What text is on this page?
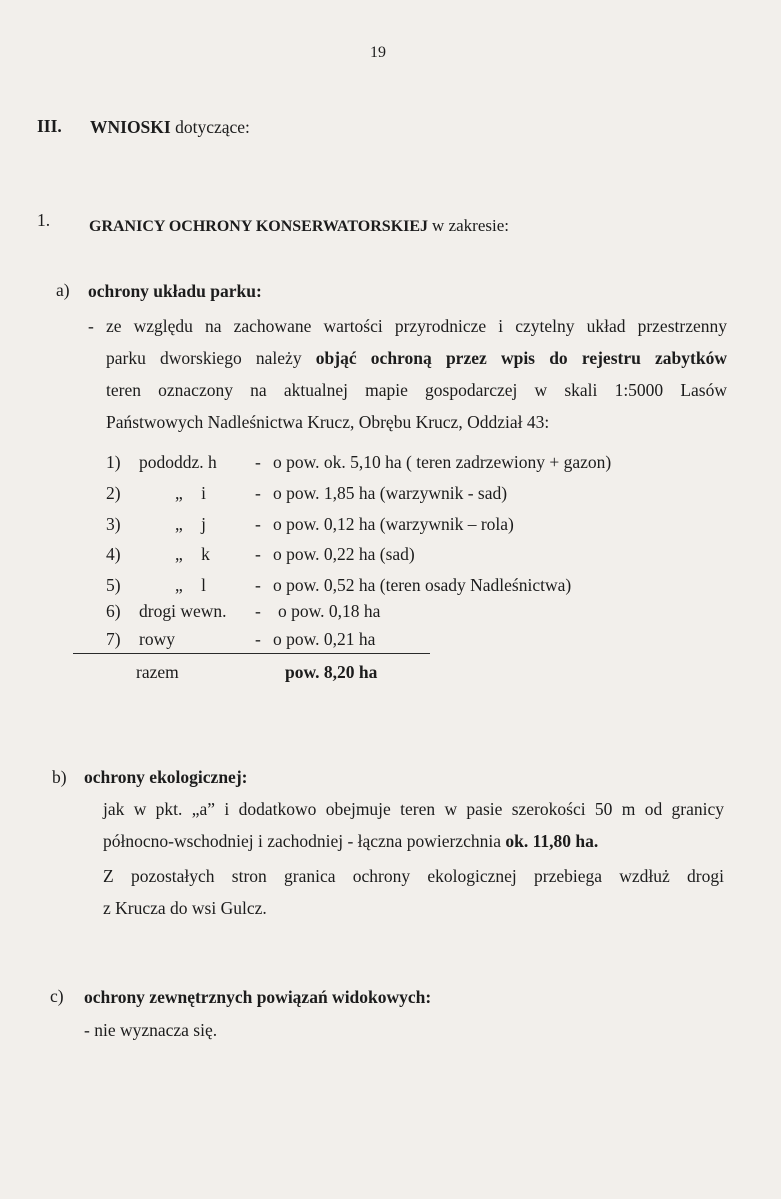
19
III. WNIOSKI dotyczące:
1. GRANICY OCHRONY KONSERWATORSKIEJ w zakresie:
a) ochrony układu parku:
- ze względu na zachowane wartości przyrodnicze i czytelny układ przestrzenny
parku dworskiego należy objąć ochroną przez wpis do rejestru zabytków
teren oznaczony na aktualnej mapie gospodarczej w skali 1:5000 Lasów
Państwowych Nadleśnictwa Krucz, Obrębu Krucz, Oddział 43:
1) pododdz. h - o pow. ok. 5,10 ha ( teren zadrzewiony + gazon)
2)	„ i	- o pow. 1,85 ha (warzywnik - sad)
3)	„ j	- o pow. 0,12 ha (warzywnik – rola)
4)	„ k	- o pow. 0,22 ha (sad)
5)	„ l	- o pow. 0,52 ha (teren osady Nadleśnictwa)
6) drogi wewn. - o pow. 0,18 ha
7) rowy	- o pow. 0,21 ha
razem	pow. 8,20 ha
b) ochrony ekologicznej:
jak w pkt. „a” i dodatkowo obejmuje teren w pasie szerokości 50 m od granicy
północno-wschodniej i zachodniej - łączna powierzchnia ok. 11,80 ha.
Z pozostałych stron granica ochrony ekologicznej przebiega wzdłuż drogi
z Krucza do wsi Gulcz.
c) ochrony zewnętrznych powiązań widokowych:
- nie wyznacza się.
